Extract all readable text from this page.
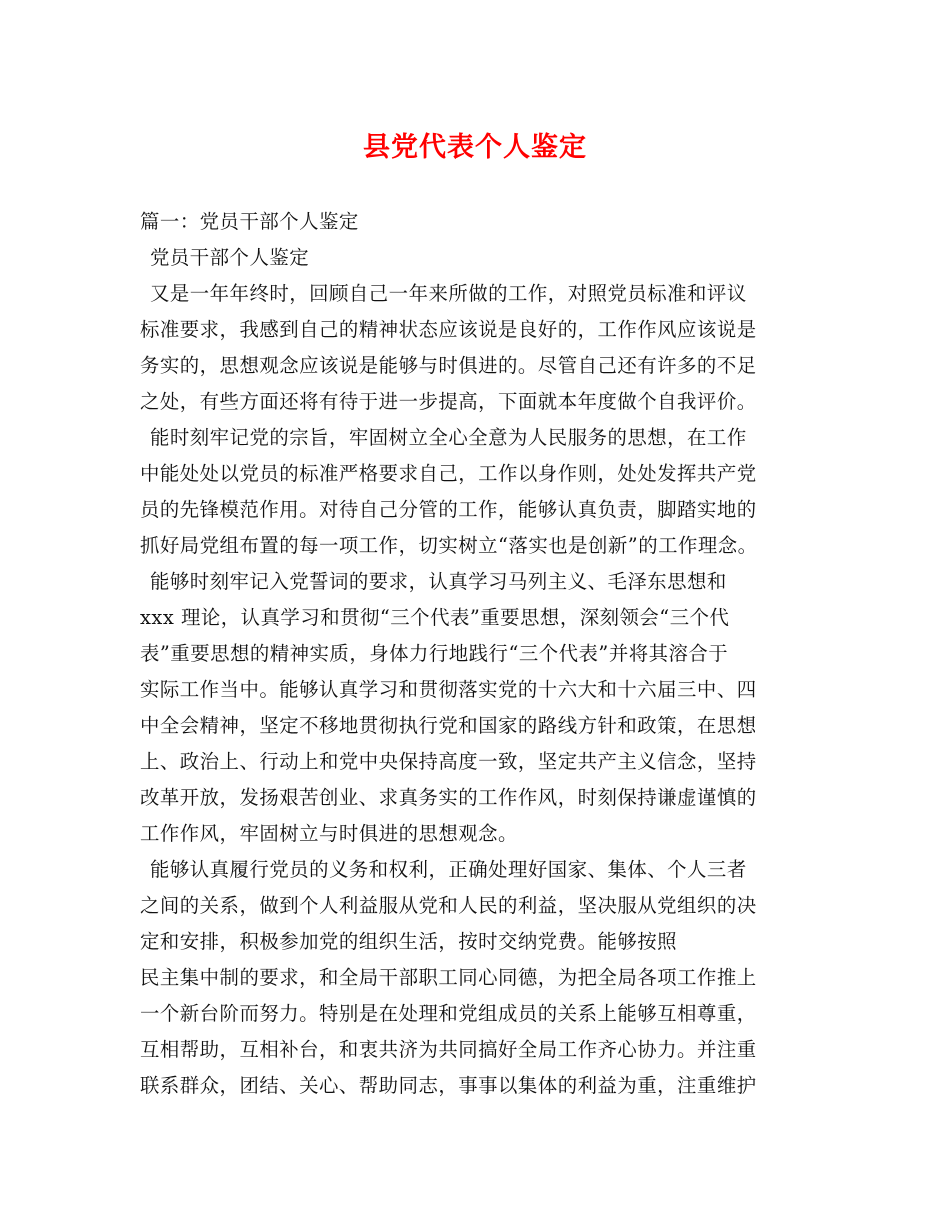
县党代表个人鉴定
篇一：党员干部个人鉴定
党员干部个人鉴定
又是一年年终时，回顾自己一年来所做的工作，对照党员标准和评议
标准要求，我感到自己的精神状态应该说是良好的，工作作风应该说是
务实的，思想观念应该说是能够与时俱进的。尽管自己还有许多的不足
之处，有些方面还将有待于进一步提高，下面就本年度做个自我评价。
能时刻牢记党的宗旨，牢固树立全心全意为人民服务的思想，在工作
中能处处以党员的标准严格要求自己，工作以身作则，处处发挥共产党
员的先锋模范作用。对待自己分管的工作，能够认真负责，脚踏实地的
抓好局党组布置的每一项工作，切实树立“落实也是创新”的工作理念。
能够时刻牢记入党誓词的要求，认真学习马列主义、毛泽东思想和
xxx 理论，认真学习和贯彻“三个代表”重要思想，深刻领会“三个代
表”重要思想的精神实质，身体力行地践行“三个代表”并将其溶合于
实际工作当中。能够认真学习和贯彻落实党的十六大和十六届三中、四
中全会精神，坚定不移地贯彻执行党和国家的路线方针和政策，在思想
上、政治上、行动上和党中央保持高度一致，坚定共产主义信念，坚持
改革开放，发扬艰苦创业、求真务实的工作作风，时刻保持谦虚谨慎的
工作作风，牢固树立与时俱进的思想观念。
能够认真履行党员的义务和权利，正确处理好国家、集体、个人三者
之间的关系，做到个人利益服从党和人民的利益，坚决服从党组织的决
定和安排，积极参加党的组织生活，按时交纳党费。能够按照
民主集中制的要求，和全局干部职工同心同德，为把全局各项工作推上
一个新台阶而努力。特别是在处理和党组成员的关系上能够互相尊重，
互相帮助，互相补台，和衷共济为共同搞好全局工作齐心协力。并注重
联系群众，团结、关心、帮助同志，事事以集体的利益为重，注重维护
